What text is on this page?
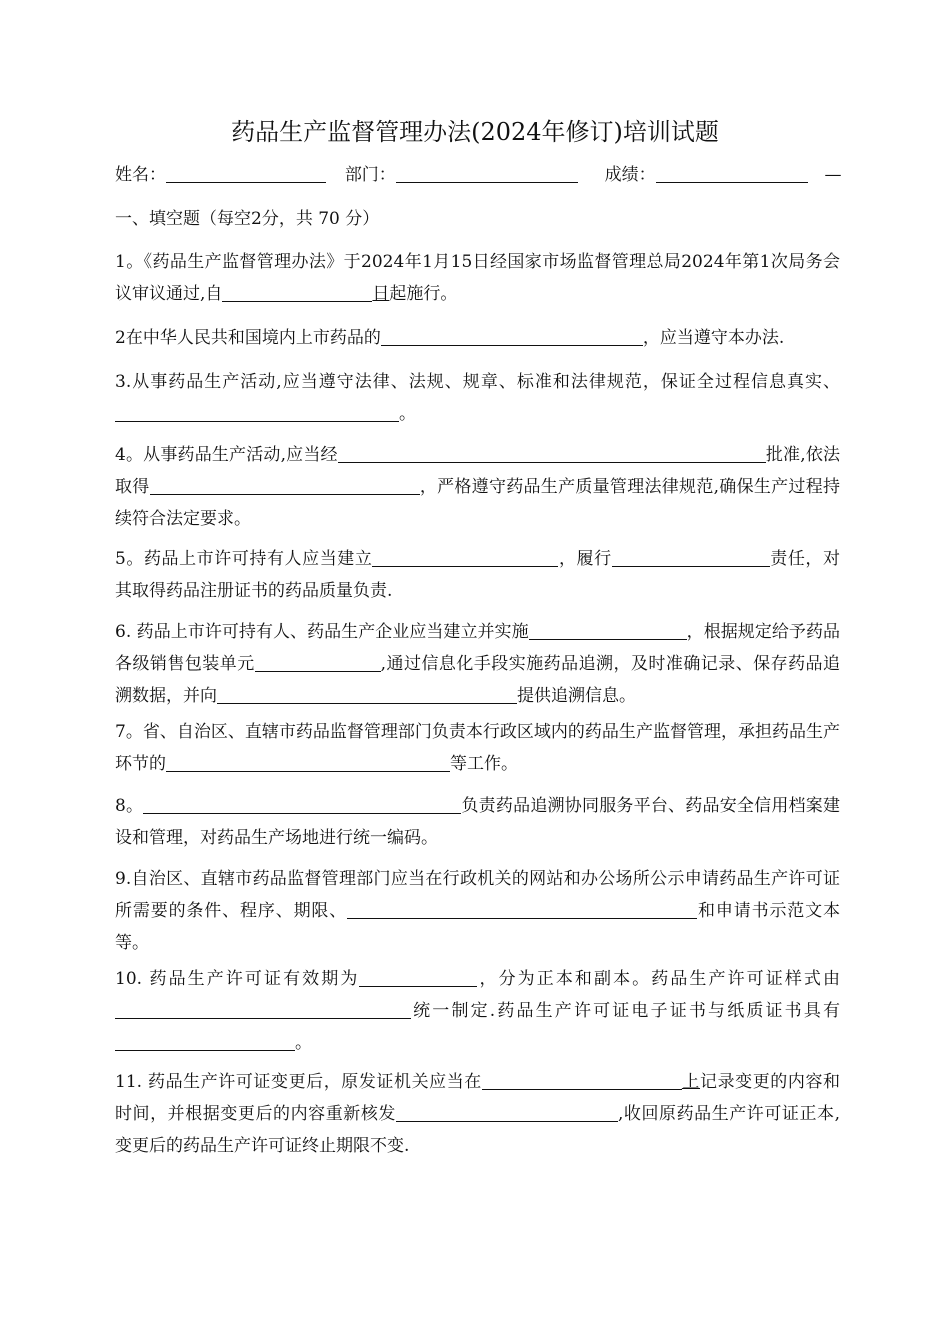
药品生产监督管理办法(2024年修订)培训试题
姓名：	部门：	成绩：	—
一、填空题（每空2分，共 70 分）
1。《药品生产监督管理办法》于2024年1月15日经国家市场监督管理总局2024年第1次局务会议审议通过,自	日起施行。
2在中华人民共和国境内上市药品的	，应当遵守本办法.
3.从事药品生产活动,应当遵守法律、法规、规章、标准和法律规范，保证全过程信息真实、。
4。从事药品生产活动,应当经	批准,依法取得	，严格遵守药品生产质量管理法律规范,确保生产过程持续符合法定要求。
5。药品上市许可持有人应当建立	，履行	责任，对其取得药品注册证书的药品质量负责.
6. 药品上市许可持有人、药品生产企业应当建立并实施	，根据规定给予药品各级销售包装单元	,通过信息化手段实施药品追溯，及时准确记录、保存药品追溯数据，并向	提供追溯信息。
7。省、自治区、直辖市药品监督管理部门负责本行政区域内的药品生产监督管理，承担药品生产环节的	等工作。
8。	负责药品追溯协同服务平台、药品安全信用档案建设和管理，对药品生产场地进行统一编码。
9.自治区、直辖市药品监督管理部门应当在行政机关的网站和办公场所公示申请药品生产许可证所需要的条件、程序、期限、	和申请书示范文本等。
10. 药品生产许可证有效期为	，分为正本和副本。药品生产许可证样式由统一制定.药品生产许可证电子证书与纸质证书具有。
11. 药品生产许可证变更后，原发证机关应当在	上记录变更的内容和时间，并根据变更后的内容重新核发	,收回原药品生产许可证正本,变更后的药品生产许可证终止期限不变.
